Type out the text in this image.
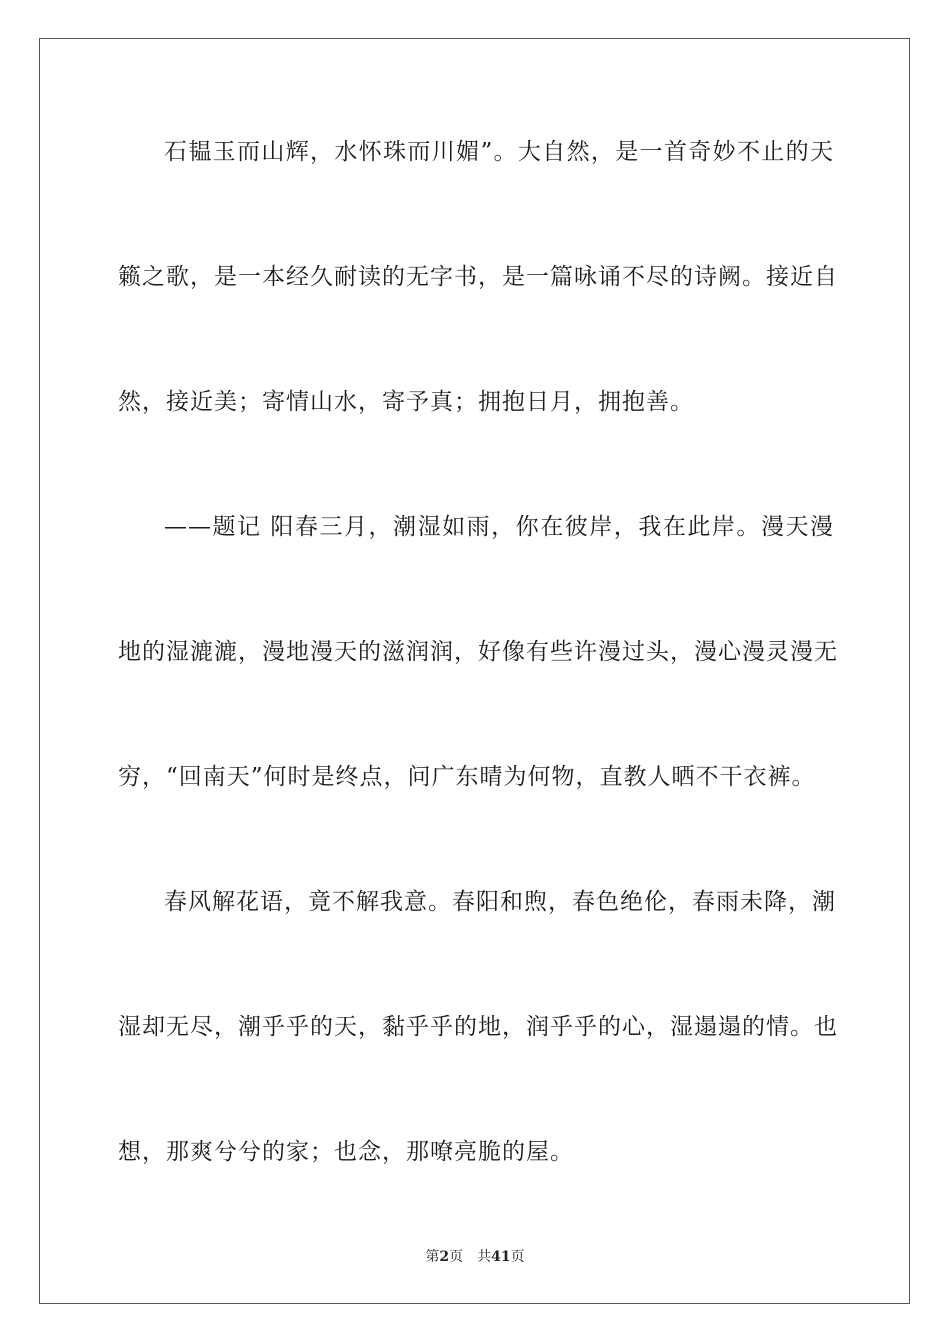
石韫玉而山辉，水怀珠而川媚”。大自然，是一首奇妙不止的天
籁之歌，是一本经久耐读的无字书，是一篇咏诵不尽的诗阙。接近自
然，接近美；寄情山水，寄予真；拥抱日月，拥抱善。
——题记 阳春三月，潮湿如雨，你在彼岸，我在此岸。漫天漫
地的湿漉漉，漫地漫天的滋润润，好像有些许漫过头，漫心漫灵漫无
穷，“回南天”何时是终点，问广东晴为何物，直教人晒不干衣裤。
春风解花语，竟不解我意。春阳和煦，春色绝伦，春雨未降，潮
湿却无尽，潮乎乎的天，黏乎乎的地，润乎乎的心，湿遢遢的情。也
想，那爽兮兮的家；也念，那嘹亮脆的屋。
第2页 共41页
